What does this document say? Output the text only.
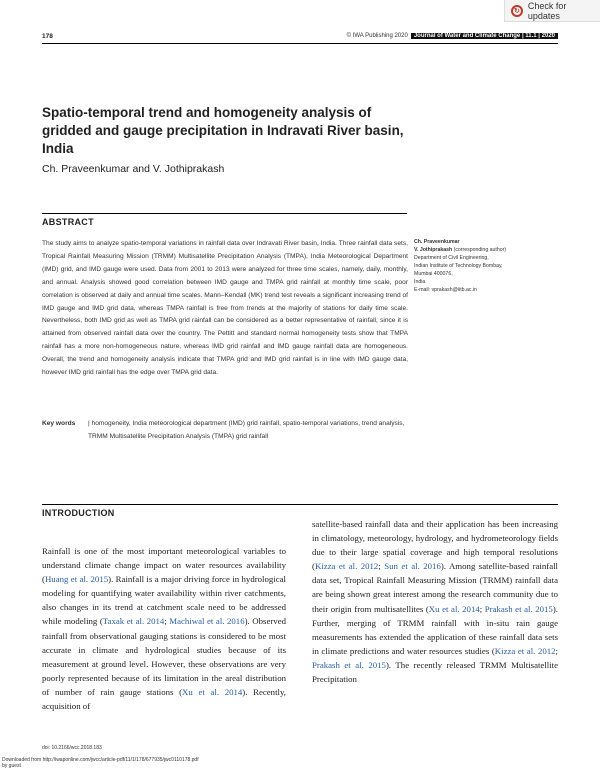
↻
Check for updates
178	© IWA Publishing 2020	Journal of Water and Climate Change | 11.1 | 2020
Spatio-temporal trend and homogeneity analysis of gridded and gauge precipitation in Indravati River basin, India
Ch. Praveenkumar and V. Jothiprakash
ABSTRACT
The study aims to analyze spatio-temporal variations in rainfall data over Indravati River basin, India. Three rainfall data sets, Tropical Rainfall Measuring Mission (TRMM) Multisatellite Precipitation Analysis (TMPA), India Meteorological Department (IMD) grid, and IMD gauge were used. Data from 2001 to 2013 were analyzed for three time scales, namely, daily, monthly, and annual. Analysis showed good correlation between IMD gauge and TMPA grid rainfall at monthly time scale, poor correlation is observed at daily and annual time scales. Mann–Kendall (MK) trend test reveals a significant increasing trend of IMD gauge and IMD grid data, whereas TMPA rainfall is free from trends at the majority of stations for daily time scale. Nevertheless, both IMD grid as well as TMPA grid rainfall can be considered as a better representative of rainfall, since it is attained from observed rainfall data over the country. The Pettitt and standard normal homogeneity tests show that TMPA rainfall has a more non-homogeneous nature, whereas IMD grid rainfall and IMD gauge rainfall data are homogeneous. Overall, the trend and homogeneity analysis indicate that TMPA grid and IMD grid rainfall is in line with IMD gauge data, however IMD grid rainfall has the edge over TMPA grid data.
Key words	| homogeneity, India meteorological department (IMD) grid rainfall, spatio-temporal variations, trend analysis, TRMM Multisatellite Precipitation Analysis (TMPA) grid rainfall
Ch. Praveenkumar
V. Jothiprakash (corresponding author)
Department of Civil Engineering,
Indian Institute of Technology Bombay,
Mumbai 400076,
India
E-mail: vprakash@iitb.ac.in
INTRODUCTION
Rainfall is one of the most important meteorological variables to understand climate change impact on water resources availability (Huang et al. 2015). Rainfall is a major driving force in hydrological modeling for quantifying water availability within river catchments, also changes in its trend at catchment scale need to be addressed while modeling (Taxak et al. 2014; Machiwal et al. 2016). Observed rainfall from observational gauging stations is considered to be most accurate in climate and hydrological studies because of its measurement at ground level. However, these observations are very poorly represented because of its limitation in the areal distribution of number of rain gauge stations (Xu et al. 2014). Recently, acquisition of
satellite-based rainfall data and their application has been increasing in climatology, meteorology, hydrology, and hydrometeorology fields due to their large spatial coverage and high temporal resolutions (Kizza et al. 2012; Sun et al. 2016). Among satellite-based rainfall data set, Tropical Rainfall Measuring Mission (TRMM) rainfall data are being shown great interest among the research community due to their origin from multisatellites (Xu et al. 2014; Prakash et al. 2015). Further, merging of TRMM rainfall with in-situ rain gauge measurements has extended the application of these rainfall data sets in climate predictions and water resources studies (Kizza et al. 2012; Prakash et al. 2015). The recently released TRMM Multisatellite Precipitation
doi: 10.2166/wcc.2018.183
Downloaded from http://iwaponline.com/jwcc/article-pdf/11/1/178/677935/jwc0110178.pdf
by guest
